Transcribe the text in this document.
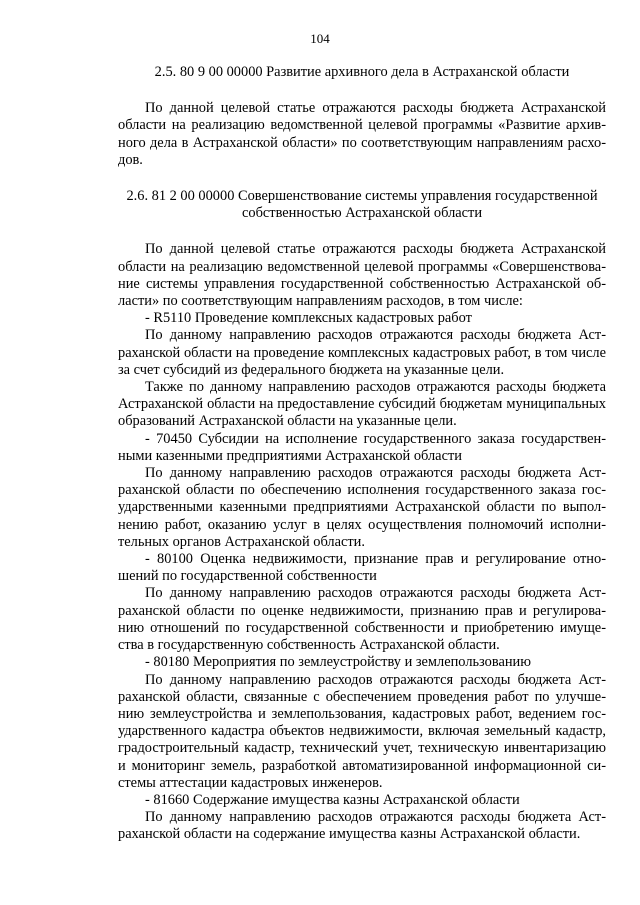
104

2.5. 80 9 00 00000 Развитие архивного дела в Астраханской области

По данной целевой статье отражаются расходы бюджета Астраханской области на реализацию ведомственной целевой программы «Развитие архивного дела в Астраханской области» по соответствующим направлениям расходов.

2.6. 81 2 00 00000 Совершенствование системы управления государственной собственностью Астраханской области

По данной целевой статье отражаются расходы бюджета Астраханской области на реализацию ведомственной целевой программы «Совершенствование системы управления государственной собственностью Астраханской области» по соответствующим направлениям расходов, в том числе:

- R5110 Проведение комплексных кадастровых работ

По данному направлению расходов отражаются расходы бюджета Астраханской области на проведение комплексных кадастровых работ, в том числе за счет субсидий из федерального бюджета на указанные цели.

Также по данному направлению расходов отражаются расходы бюджета Астраханской области на предоставление субсидий бюджетам муниципальных образований Астраханской области на указанные цели.

- 70450 Субсидии на исполнение государственного заказа государственными казенными предприятиями Астраханской области

По данному направлению расходов отражаются расходы бюджета Астраханской области по обеспечению исполнения государственного заказа государственными казенными предприятиями Астраханской области по выполнению работ, оказанию услуг в целях осуществления полномочий исполнительных органов Астраханской области.

- 80100 Оценка недвижимости, признание прав и регулирование отношений по государственной собственности

По данному направлению расходов отражаются расходы бюджета Астраханской области по оценке недвижимости, признанию прав и регулированию отношений по государственной собственности и приобретению имущества в государственную собственность Астраханской области.

- 80180 Мероприятия по землеустройству и землепользованию

По данному направлению расходов отражаются расходы бюджета Астраханской области, связанные с обеспечением проведения работ по улучшению землеустройства и землепользования, кадастровых работ, ведением государственного кадастра объектов недвижимости, включая земельный кадастр, градостроительный кадастр, технический учет, техническую инвентаризацию и мониторинг земель, разработкой автоматизированной информационной системы аттестации кадастровых инженеров.

- 81660 Содержание имущества казны Астраханской области

По данному направлению расходов отражаются расходы бюджета Астраханской области на содержание имущества казны Астраханской области.
